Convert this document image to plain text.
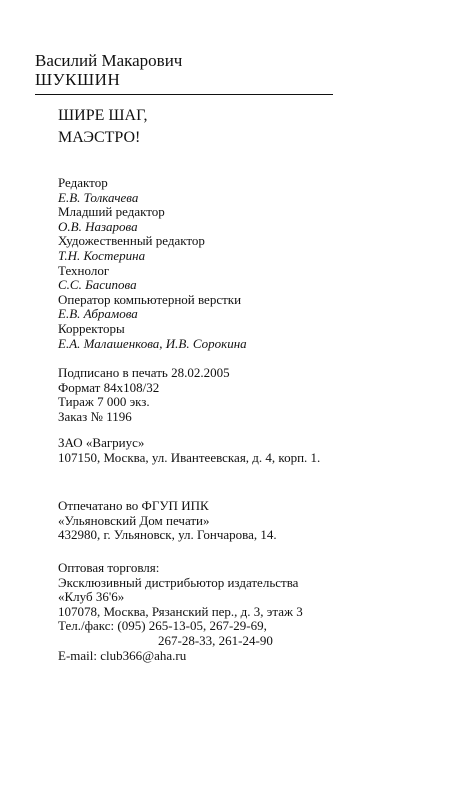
Василий Макарович
ШУКШИН
ШИРЕ ШАГ,
МАЭСТРО!
Редактор
Е.В. Толкачева
Младший редактор
О.В. Назарова
Художественный редактор
Т.Н. Костерина
Технолог
С.С. Басипова
Оператор компьютерной верстки
Е.В. Абрамова
Корректоры
Е.А. Малашенкова, И.В. Сорокина
Подписано в печать 28.02.2005
Формат 84x108/32
Тираж 7 000 экз.
Заказ № 1196
ЗАО «Вагриус»
107150, Москва, ул. Ивантеевская, д. 4, корп. 1.
Отпечатано во ФГУП ИПК
«Ульяновский Дом печати»
432980, г. Ульяновск, ул. Гончарова, 14.
Оптовая торговля:
Эксклюзивный дистрибьютор издательства
«Клуб 36'6»
107078, Москва, Рязанский пер., д. 3, этаж 3
Тел./факс: (095) 265-13-05, 267-29-69,
267-28-33, 261-24-90
E-mail: club366@aha.ru
